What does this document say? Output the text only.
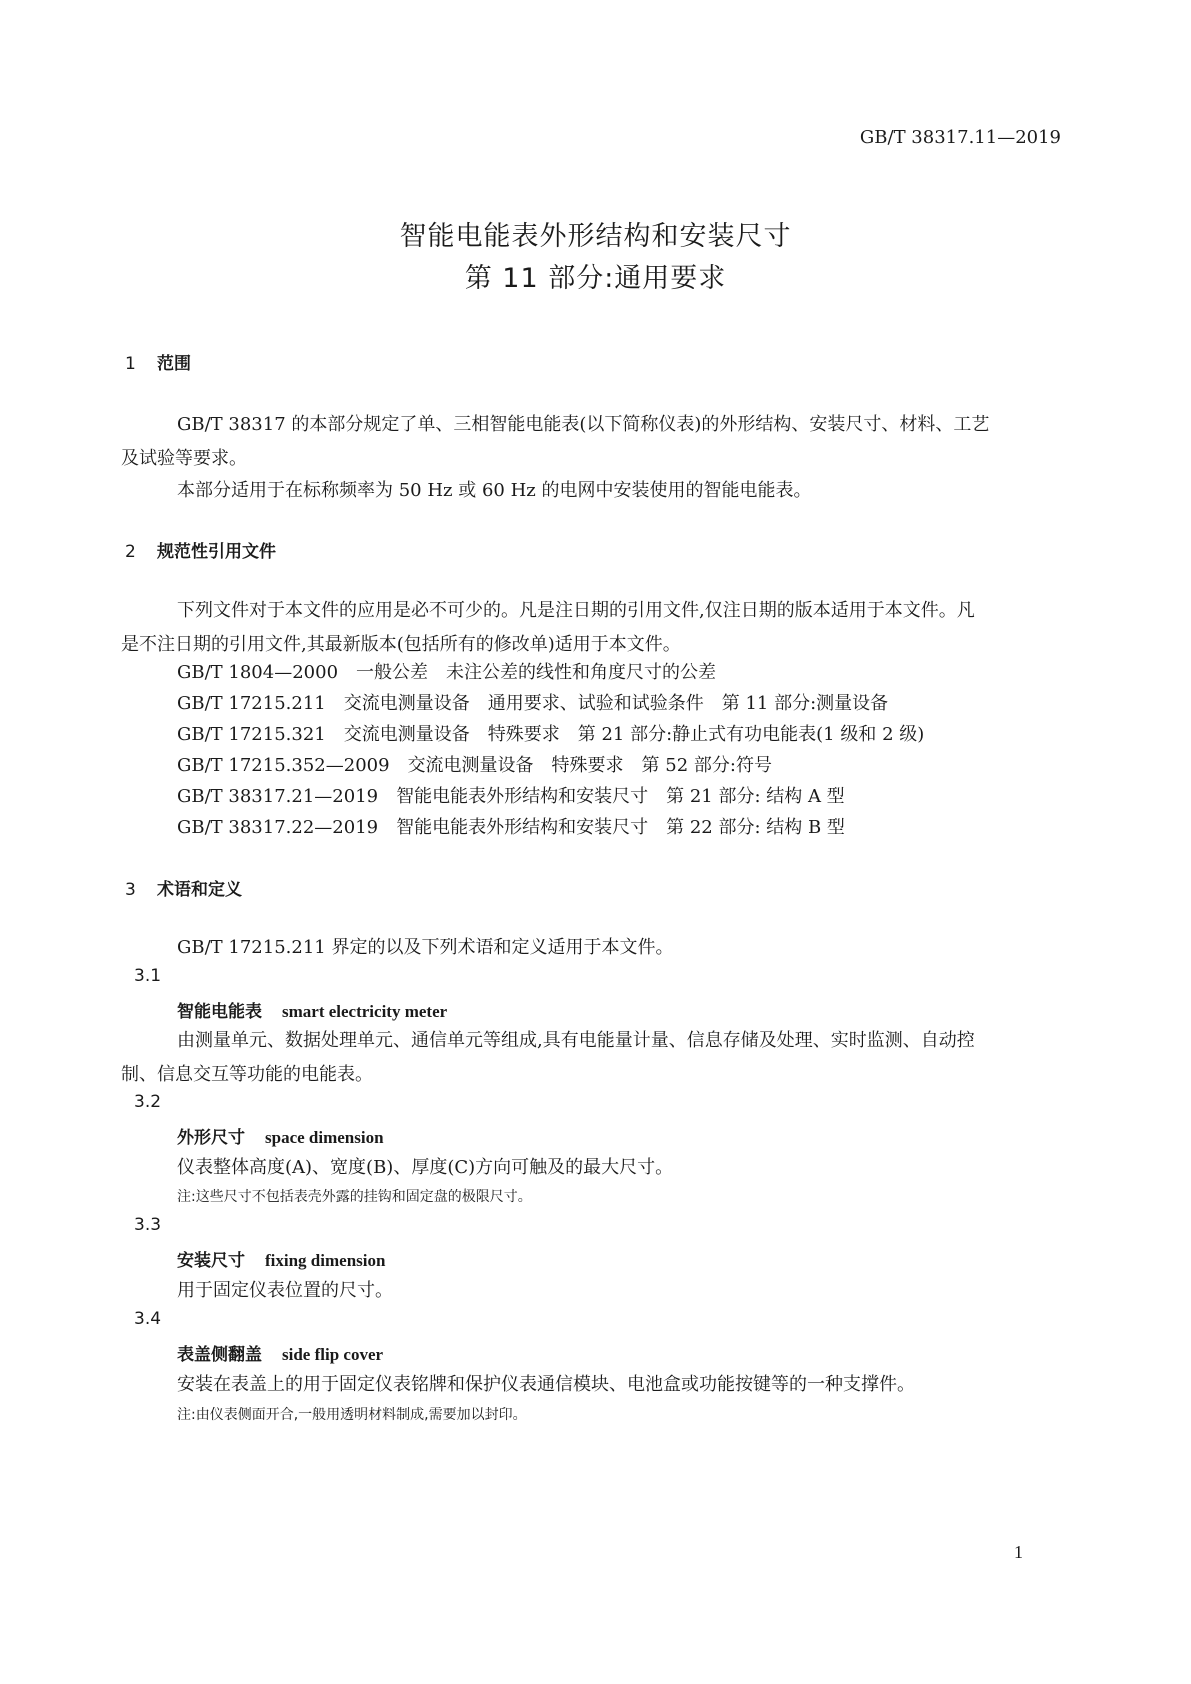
GB/T 38317.11—2019
智能电能表外形结构和安装尺寸
第 11 部分:通用要求
1 范围
GB/T 38317 的本部分规定了单、三相智能电能表(以下简称仪表)的外形结构、安装尺寸、材料、工艺及试验等要求。
本部分适用于在标称频率为 50 Hz 或 60 Hz 的电网中安装使用的智能电能表。
2 规范性引用文件
下列文件对于本文件的应用是必不可少的。凡是注日期的引用文件,仅注日期的版本适用于本文件。凡是不注日期的引用文件,其最新版本(包括所有的修改单)适用于本文件。
GB/T 1804—2000　一般公差　未注公差的线性和角度尺寸的公差
GB/T 17215.211　交流电测量设备　通用要求、试验和试验条件　第 11 部分:测量设备
GB/T 17215.321　交流电测量设备　特殊要求　第 21 部分:静止式有功电能表(1 级和 2 级)
GB/T 17215.352—2009　交流电测量设备　特殊要求　第 52 部分:符号
GB/T 38317.21—2019　智能电能表外形结构和安装尺寸　第 21 部分: 结构 A 型
GB/T 38317.22—2019　智能电能表外形结构和安装尺寸　第 22 部分: 结构 B 型
3 术语和定义
GB/T 17215.211 界定的以及下列术语和定义适用于本文件。
3.1
智能电能表 smart electricity meter
由测量单元、数据处理单元、通信单元等组成,具有电能量计量、信息存储及处理、实时监测、自动控制、信息交互等功能的电能表。
3.2
外形尺寸 space dimension
仪表整体高度(A)、宽度(B)、厚度(C)方向可触及的最大尺寸。
注:这些尺寸不包括表壳外露的挂钩和固定盘的极限尺寸。
3.3
安装尺寸 fixing dimension
用于固定仪表位置的尺寸。
3.4
表盖侧翻盖 side flip cover
安装在表盖上的用于固定仪表铭牌和保护仪表通信模块、电池盒或功能按键等的一种支撑件。
注:由仪表侧面开合,一般用透明材料制成,需要加以封印。
1
